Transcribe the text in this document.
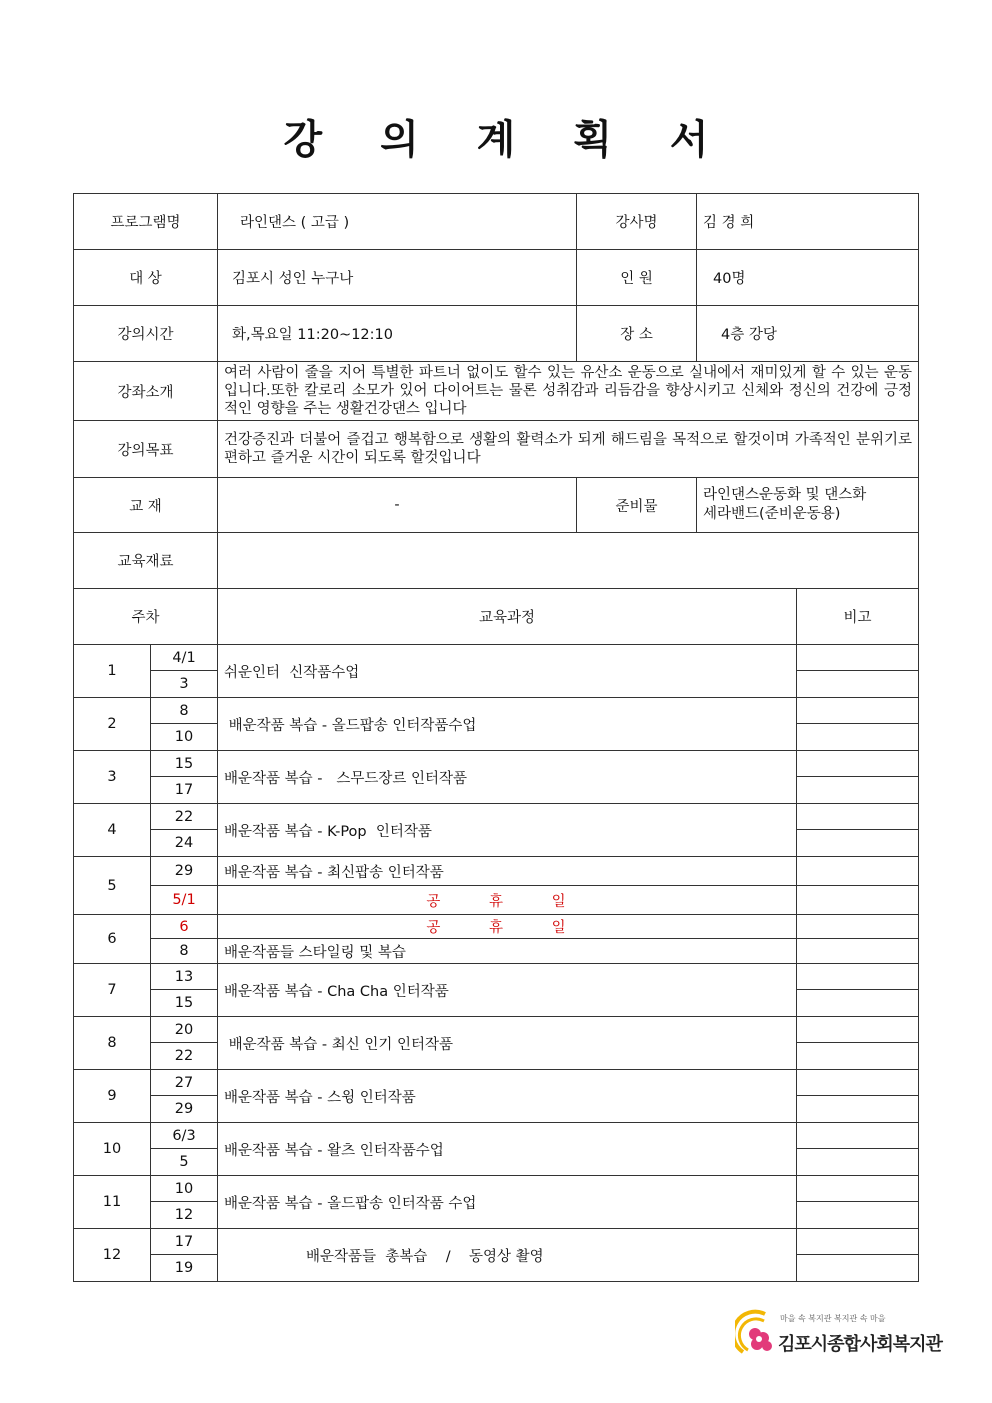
강 의 계 획 서
프로그램명		라인댄스 ( 고급 )	강사명	김 경 희	
대 상		김포시 성인 누구나	인 원	40명	
강의시간		화,목요일 11:20~12:10	장 소	4층 강당	
강좌소개		여러 사람이 줄을 지어 특별한 파트너 없이도 할수 있는 유산소 운동으로 실내에서 재미있게 할 수 있는 운동입니다.또한 칼로리 소모가 있어 다이어트는 물론 성취감과 리듬감을 향상시키고 신체와 정신의 건강에 긍정적인 영향을 주는 생활건강댄스 입니다			
강의목표		건강증진과 더불어 즐겁고 행복함으로 생활의 활력소가 되게 해드림을 목적으로 할것이며 가족적인 분위기로 편하고 즐거운 시간이 되도록 할것입니다			
교 재		-	준비물	라인댄스운동화 및 댄스화
세라밴드(준비운동용)	

교육재료					
주차		교육과정			비고
1	4/1	쉬운인터  신작품수업			
	3				
2	8	배운작품 복습 - 올드팝송 인터작품수업			
	10				
3	15	배운작품 복습 -   스무드장르 인터작품			
	17				
4	22	배운작품 복습 - K-Pop  인터작품			
	24				
5	29	배운작품 복습 - 최신팝송 인터작품			
	5/1	공 휴 일			
6	6	공 휴 일			
	8	배운작품들 스타일링 및 복습			
7	13	배운작품 복습 - Cha Cha 인터작품			
	15				
8	20	배운작품 복습 - 최신 인기 인터작품			
	22				
9	27	배운작품 복습 - 스윙 인터작품			
	29				
10	6/3	배운작품 복습 - 왈츠 인터작품수업			
	5				
11	10	배운작품 복습 - 올드팝송 인터작품 수업			
	12				
12	17	배운작품들  총복습    /    동영상 촬영			
	19				
마을 속 복지관 복지관 속 마을
김포시종합사회복지관
